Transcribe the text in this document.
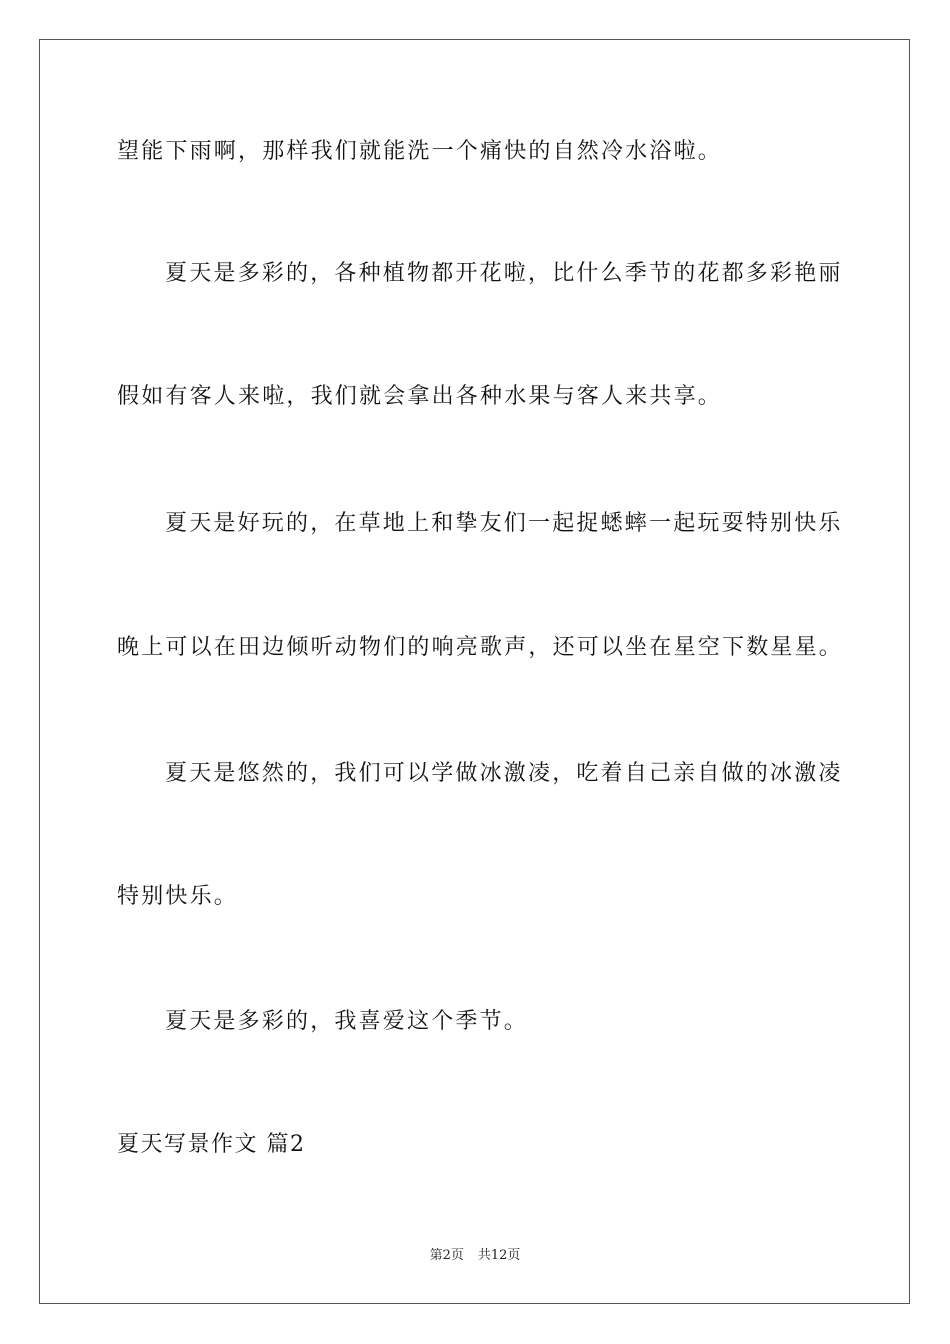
望能下雨啊，那样我们就能洗一个痛快的自然冷水浴啦。
夏天是多彩的，各种植物都开花啦，比什么季节的花都多彩艳丽
假如有客人来啦，我们就会拿出各种水果与客人来共享。
夏天是好玩的，在草地上和挚友们一起捉蟋蟀一起玩耍特别快乐
晚上可以在田边倾听动物们的响亮歌声，还可以坐在星空下数星星。
夏天是悠然的，我们可以学做冰激凌，吃着自己亲自做的冰激凌
特别快乐。
夏天是多彩的，我喜爱这个季节。
夏天写景作文 篇2
第2页 共12页
